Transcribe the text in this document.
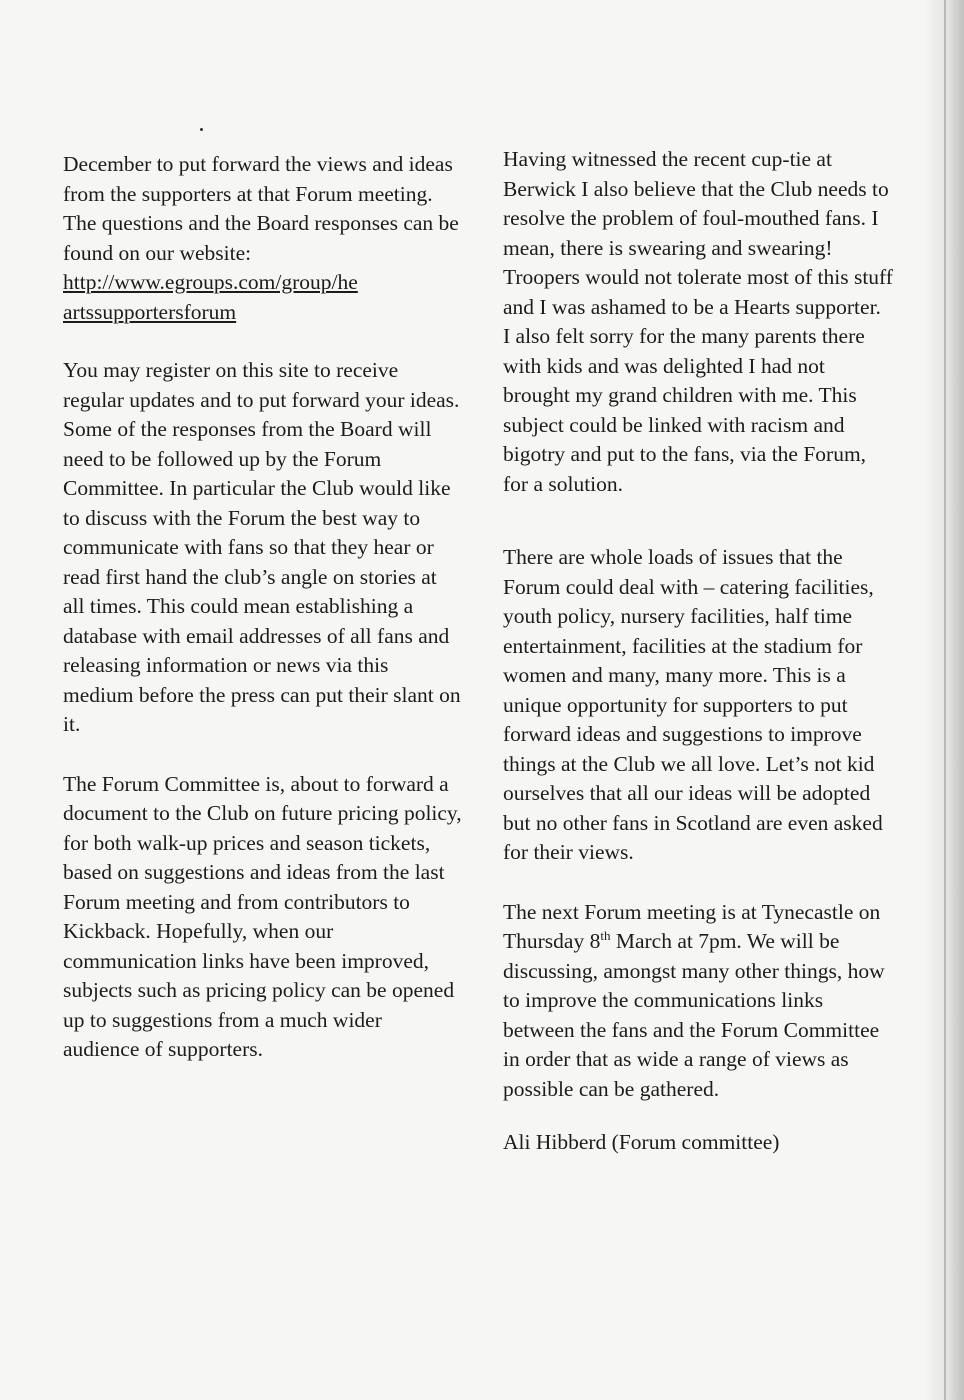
December to put forward the views and ideas from the supporters at that Forum meeting. The questions and the Board responses can be found on our website:

http://www.egroups.com/group/he
artssupportersforum

You may register on this site to receive regular updates and to put forward your ideas. Some of the responses from the Board will need to be followed up by the Forum Committee. In particular the Club would like to discuss with the Forum the best way to communicate with fans so that they hear or read first hand the club’s angle on stories at all times. This could mean establishing a database with email addresses of all fans and releasing information or news via this medium before the press can put their slant on it.

The Forum Committee is, about to forward a document to the Club on future pricing policy, for both walk-up prices and season tickets, based on suggestions and ideas from the last Forum meeting and from contributors to Kickback. Hopefully, when our communication links have been improved, subjects such as pricing policy can be opened up to suggestions from a much wider audience of supporters.

Having witnessed the recent cup-tie at Berwick I also believe that the Club needs to resolve the problem of foul-mouthed fans. I mean, there is swearing and swearing! Troopers would not tolerate most of this stuff and I was ashamed to be a Hearts supporter. I also felt sorry for the many parents there with kids and was delighted I had not brought my grand children with me. This subject could be linked with racism and bigotry and put to the fans, via the Forum, for a solution.

There are whole loads of issues that the Forum could deal with – catering facilities, youth policy, nursery facilities, half time entertainment, facilities at the stadium for women and many, many more. This is a unique opportunity for supporters to put forward ideas and suggestions to improve things at the Club we all love. Let’s not kid ourselves that all our ideas will be adopted but no other fans in Scotland are even asked for their views.

The next Forum meeting is at Tynecastle on Thursday 8th March at 7pm. We will be discussing, amongst many other things, how to improve the communications links between the fans and the Forum Committee in order that as wide a range of views as possible can be gathered.

Ali Hibberd (Forum committee)
